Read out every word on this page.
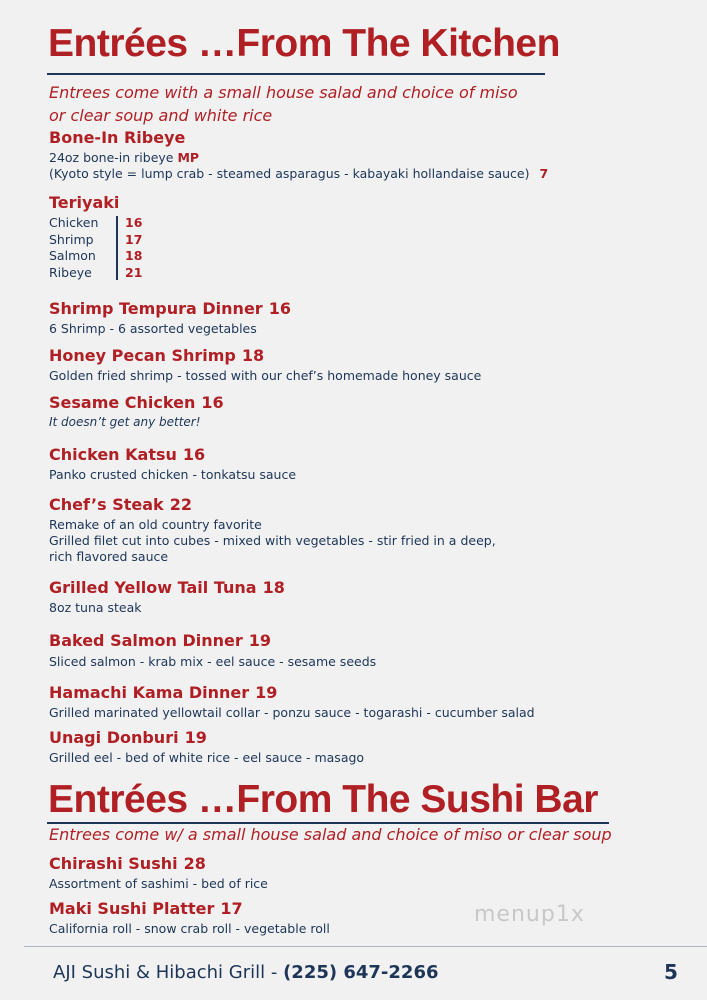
Entrées …From The Kitchen
Entrees come with a small house salad and choice of miso
or clear soup and white rice
Bone-In Ribeye
24oz bone-in ribeye MP
(Kyoto style = lump crab - steamed asparagus - kabayaki hollandaise sauce) 7
Teriyaki
Chicken
Shrimp
Salmon
Ribeye
16
17
18
21
Shrimp Tempura Dinner 16
6 Shrimp - 6 assorted vegetables
Honey Pecan Shrimp 18
Golden fried shrimp - tossed with our chef’s homemade honey sauce
Sesame Chicken 16
It doesn’t get any better!
Chicken Katsu 16
Panko crusted chicken - tonkatsu sauce
Chef’s Steak 22
Remake of an old country favorite
Grilled filet cut into cubes - mixed with vegetables - stir fried in a deep,
rich flavored sauce
Grilled Yellow Tail Tuna 18
8oz tuna steak
Baked Salmon Dinner 19
Sliced salmon - krab mix - eel sauce - sesame seeds
Hamachi Kama Dinner 19
Grilled marinated yellowtail collar - ponzu sauce - togarashi - cucumber salad
Unagi Donburi 19
Grilled eel - bed of white rice - eel sauce - masago
Entrées …From The Sushi Bar
Entrees come w/ a small house salad and choice of miso or clear soup
Chirashi Sushi 28
Assortment of sashimi - bed of rice
Maki Sushi Platter 17
California roll - snow crab roll - vegetable roll
menup1x
AJI Sushi & Hibachi Grill - (225) 647-2266	5
